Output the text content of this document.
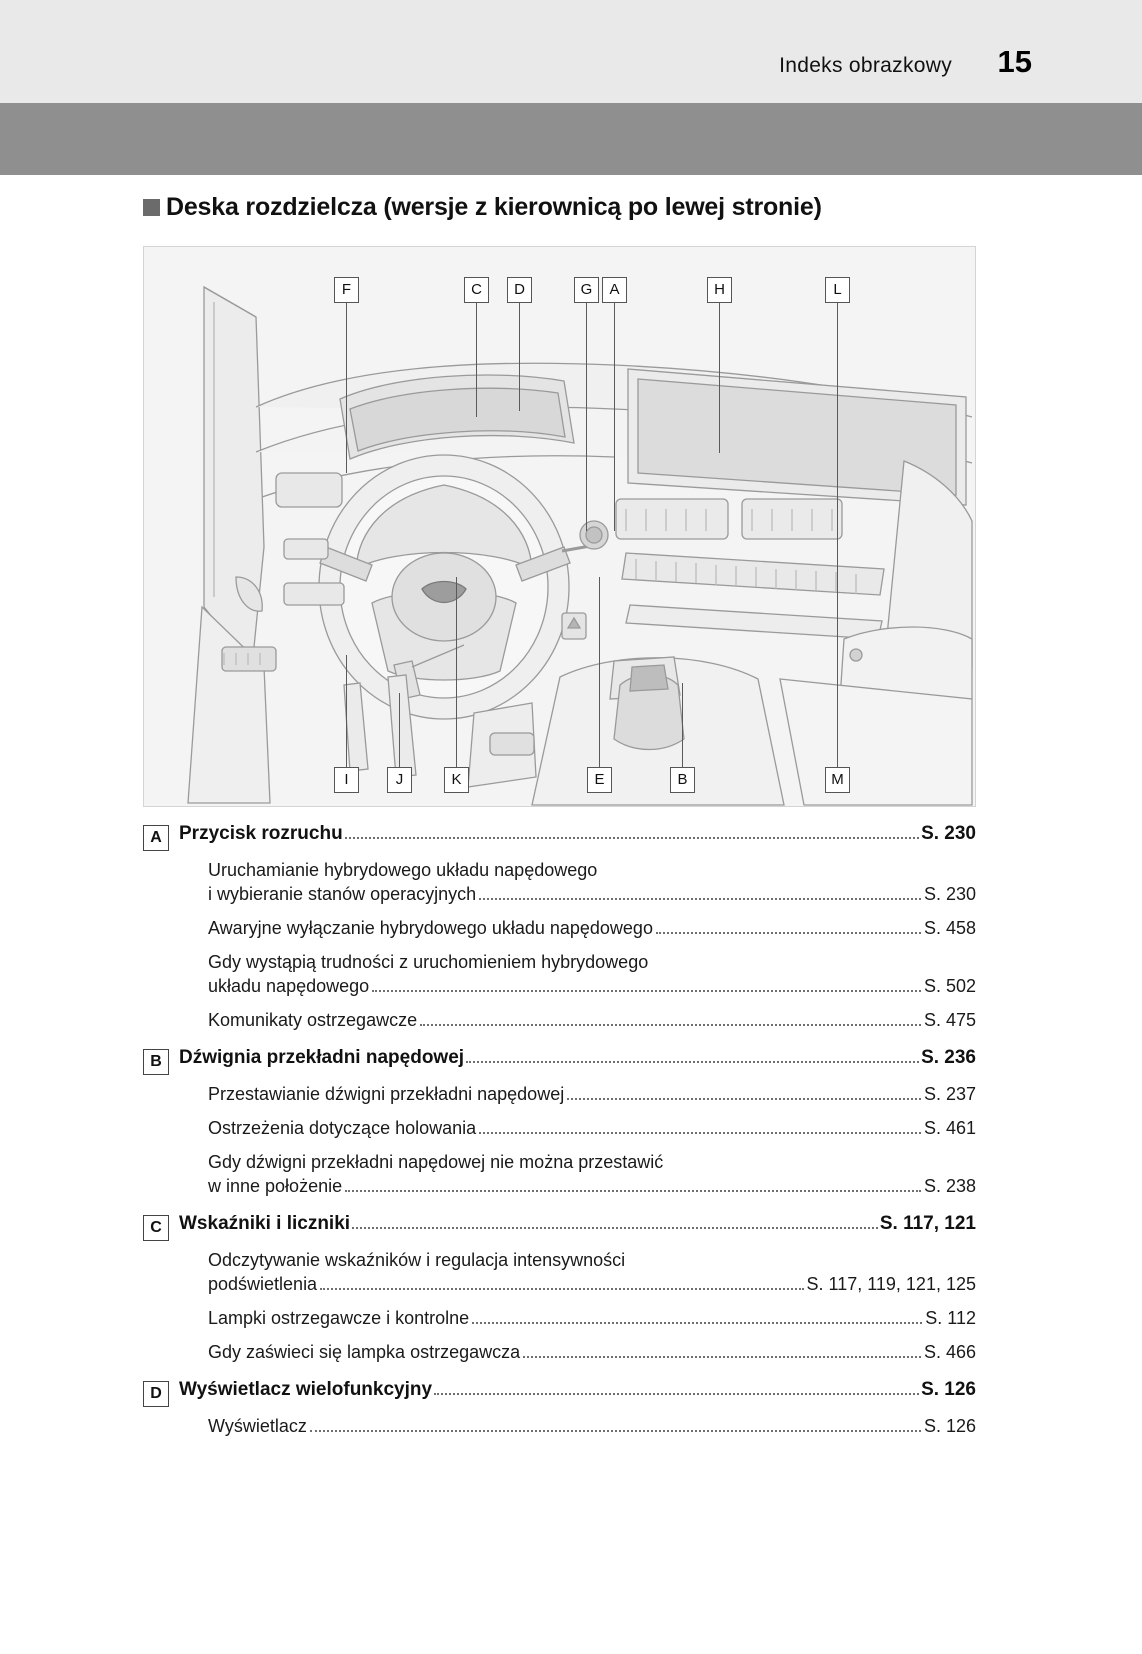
Indeks obrazkowy 15
Deska rozdzielcza (wersje z kierownicą po lewej stronie)
F	C	D	G	A	H	L
I	J	K	E	B	M
A Przycisk rozruchu	S. 230
Uruchamianie hybrydowego układu napędowego
i wybieranie stanów operacyjnych	S. 230
Awaryjne wyłączanie hybrydowego układu napędowego	S. 458
Gdy wystąpią trudności z uruchomieniem hybrydowego
układu napędowego	S. 502
Komunikaty ostrzegawcze	S. 475
B Dźwignia przekładni napędowej	S. 236
Przestawianie dźwigni przekładni napędowej	S. 237
Ostrzeżenia dotyczące holowania	S. 461
Gdy dźwigni przekładni napędowej nie można przestawić
w inne położenie	S. 238
C Wskaźniki i liczniki	S. 117, 121
Odczytywanie wskaźników i regulacja intensywności
podświetlenia	S. 117, 119, 121, 125
Lampki ostrzegawcze i kontrolne	S. 112
Gdy zaświeci się lampka ostrzegawcza	S. 466
D Wyświetlacz wielofunkcyjny	S. 126
Wyświetlacz	S. 126
